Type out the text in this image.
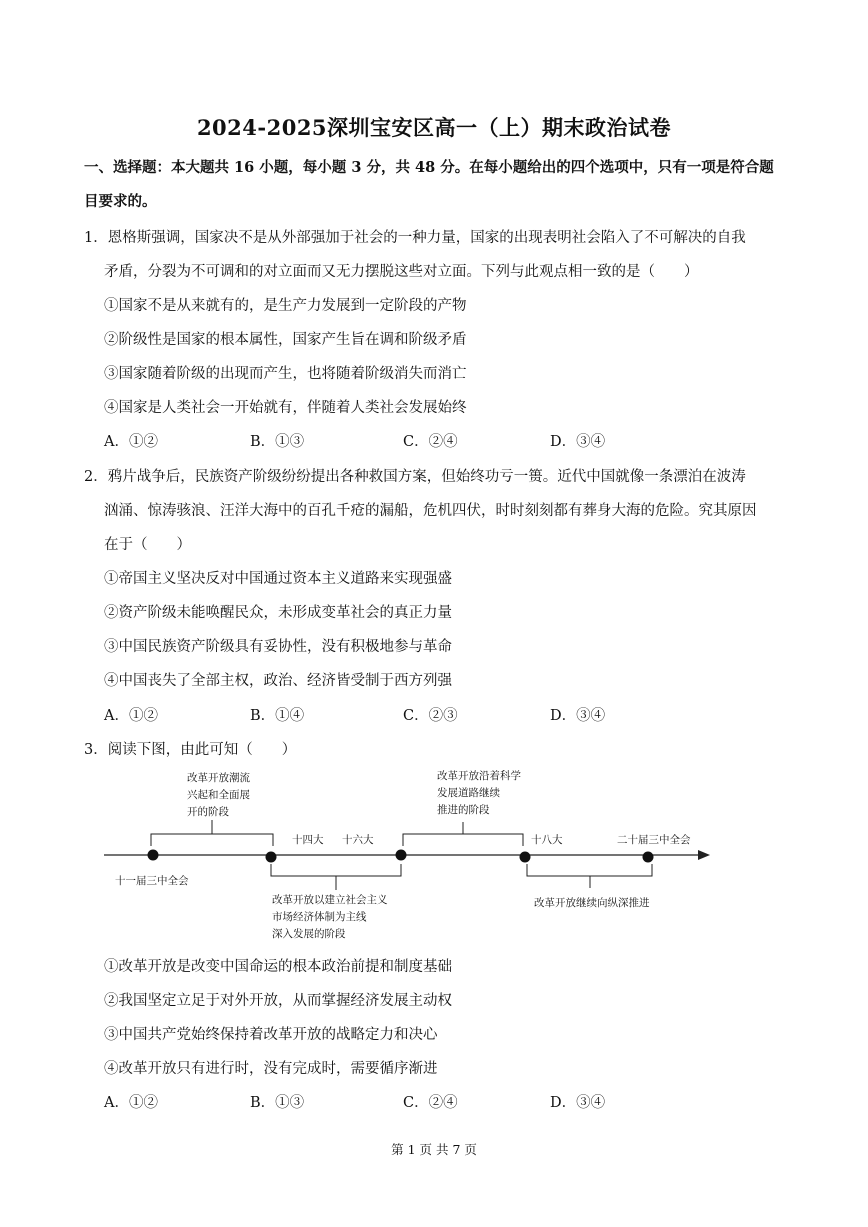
2024-2025深圳宝安区高一（上）期末政治试卷
一、选择题：本大题共 16 小题，每小题 3 分，共 48 分。在每小题给出的四个选项中，只有一项是符合题
目要求的。
1．恩格斯强调，国家决不是从外部强加于社会的一种力量，国家的出现表明社会陷入了不可解决的自我
矛盾，分裂为不可调和的对立面而又无力摆脱这些对立面。下列与此观点相一致的是（　　）
①国家不是从来就有的，是生产力发展到一定阶段的产物
②阶级性是国家的根本属性，国家产生旨在调和阶级矛盾
③国家随着阶级的出现而产生，也将随着阶级消失而消亡
④国家是人类社会一开始就有，伴随着人类社会发展始终
A．①②	B．①③	C．②④	D．③④
2．鸦片战争后，民族资产阶级纷纷提出各种救国方案，但始终功亏一篑。近代中国就像一条漂泊在波涛
汹涌、惊涛骇浪、汪洋大海中的百孔千疮的漏船，危机四伏，时时刻刻都有葬身大海的危险。究其原因
在于（　　）
①帝国主义坚决反对中国通过资本主义道路来实现强盛
②资产阶级未能唤醒民众，未形成变革社会的真正力量
③中国民族资产阶级具有妥协性，没有积极地参与革命
④中国丧失了全部主权，政治、经济皆受制于西方列强
A．①②	B．①④	C．②③	D．③④
3．阅读下图，由此可知（　　）
改革开放潮流
兴起和全面展
开的阶段
改革开放沿着科学
发展道路继续
推进的阶段
十四大 十六大	十八大	二十届三中全会
十一届三中全会
改革开放以建立社会主义
市场经济体制为主线
深入发展的阶段
改革开放继续向纵深推进
①改革开放是改变中国命运的根本政治前提和制度基础
②我国坚定立足于对外开放，从而掌握经济发展主动权
③中国共产党始终保持着改革开放的战略定力和决心
④改革开放只有进行时，没有完成时，需要循序渐进
A．①②	B．①③	C．②④	D．③④
第 1 页 共 7 页
